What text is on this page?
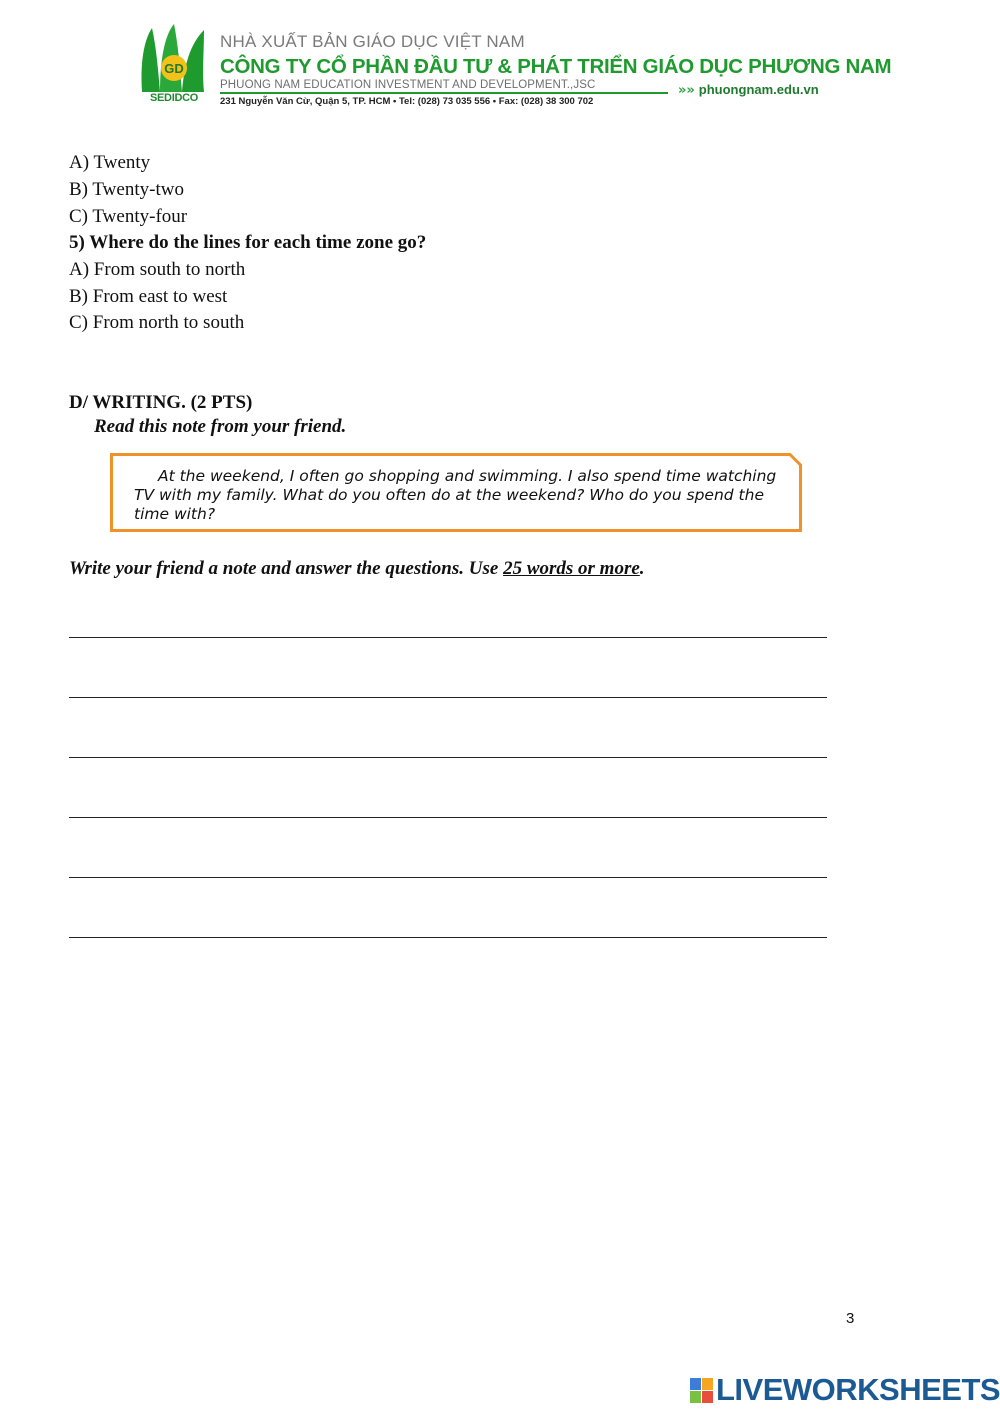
GD
SEDIDCO
NHÀ XUẤT BẢN GIÁO DỤC VIỆT NAM
CÔNG TY CỔ PHẦN ĐẦU TƯ & PHÁT TRIỂN GIÁO DỤC PHƯƠNG NAM
PHUONG NAM EDUCATION INVESTMENT AND DEVELOPMENT.,JSC
231 Nguyễn Văn Cừ, Quận 5, TP. HCM • Tel: (028) 73 035 556 • Fax: (028) 38 300 702
»» phuongnam.edu.vn
A) Twenty
B) Twenty-two
C) Twenty-four
5) Where do the lines for each time zone go?
A) From south to north
B) From east to west
C) From north to south
D/ WRITING. (2 PTS)
Read this note from your friend.
At the weekend, I often go shopping and swimming. I also spend time watching TV with my family. What do you often do at the weekend? Who do you spend the time with?
Write your friend a note and answer the questions. Use 25 words or more.
3
LIVEWORKSHEETS
